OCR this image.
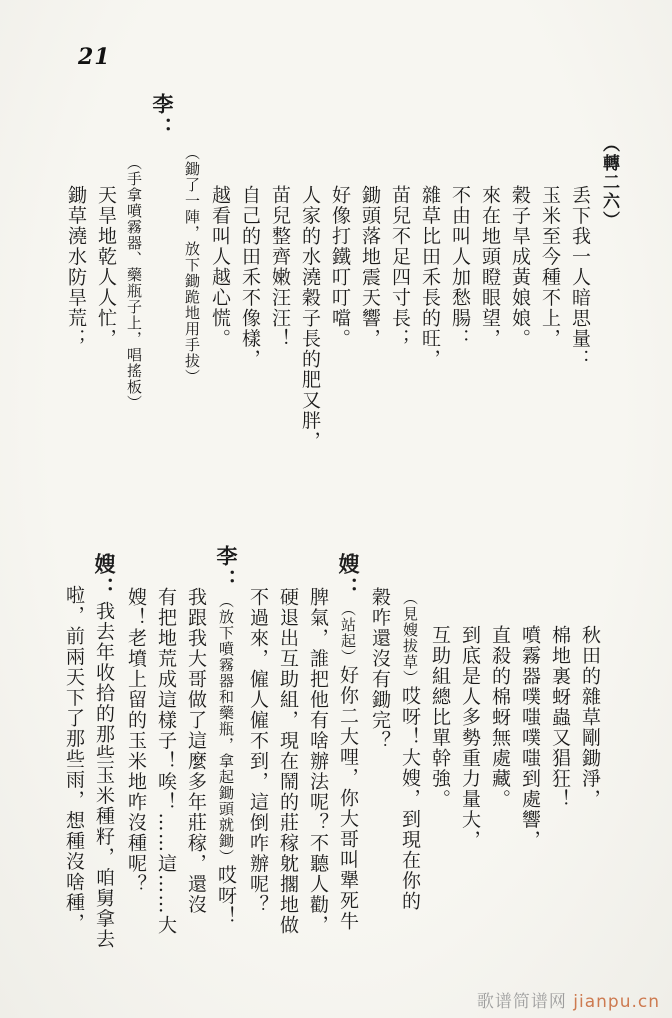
21
（轉二六）
丢下我一人暗思量：
玉米至今種不上，
穀子旱成黃娘娘。
來在地頭瞪眼望，
不由叫人加愁腸：
雜草比田禾長的旺，
苗兒不足四寸長；
鋤頭落地震天響，
好像打鐵叮叮噹。
人家的水澆穀子長的肥又胖，
苗兒整齊嫩汪汪！
自己的田禾不像樣，
越看叫人越心慌。
（鋤了一陣，放下鋤跪地用手拔）
李：
（手拿噴霧器、藥瓶子上，唱搖板）
天旱地乾人人忙，
鋤草澆水防旱荒；
秋田的雜草剛鋤淨，
棉地裏蚜蟲又猖狂！
噴霧器噗嗤噗嗤到處響，
直殺的棉蚜無處藏。
到底是人多勢重力量大，
互助組總比單幹強。
（見嫂拔草）哎呀！大嫂，到現在你的
穀咋還沒有鋤完？
嫂：（站起）好你二大哩，你大哥叫犟死牛
脾氣，誰把他有啥辦法呢？不聽人勸，
硬退出互助組，現在鬧的莊稼躭擱地做
不過來，僱人僱不到，這倒咋辦呢？
李：（放下噴霧器和藥瓶，拿起鋤頭就鋤）哎呀！
我跟我大哥做了這麼多年莊稼，還沒
有把地荒成這樣子！唉！……這……大
嫂！老墳上留的玉米地咋沒種呢？
嫂：我去年收拾的那些玉米種籽，咱舅拿去
啦，前兩天下了那些雨，想種沒啥種，
歌谱简谱网 jianpu.cn
